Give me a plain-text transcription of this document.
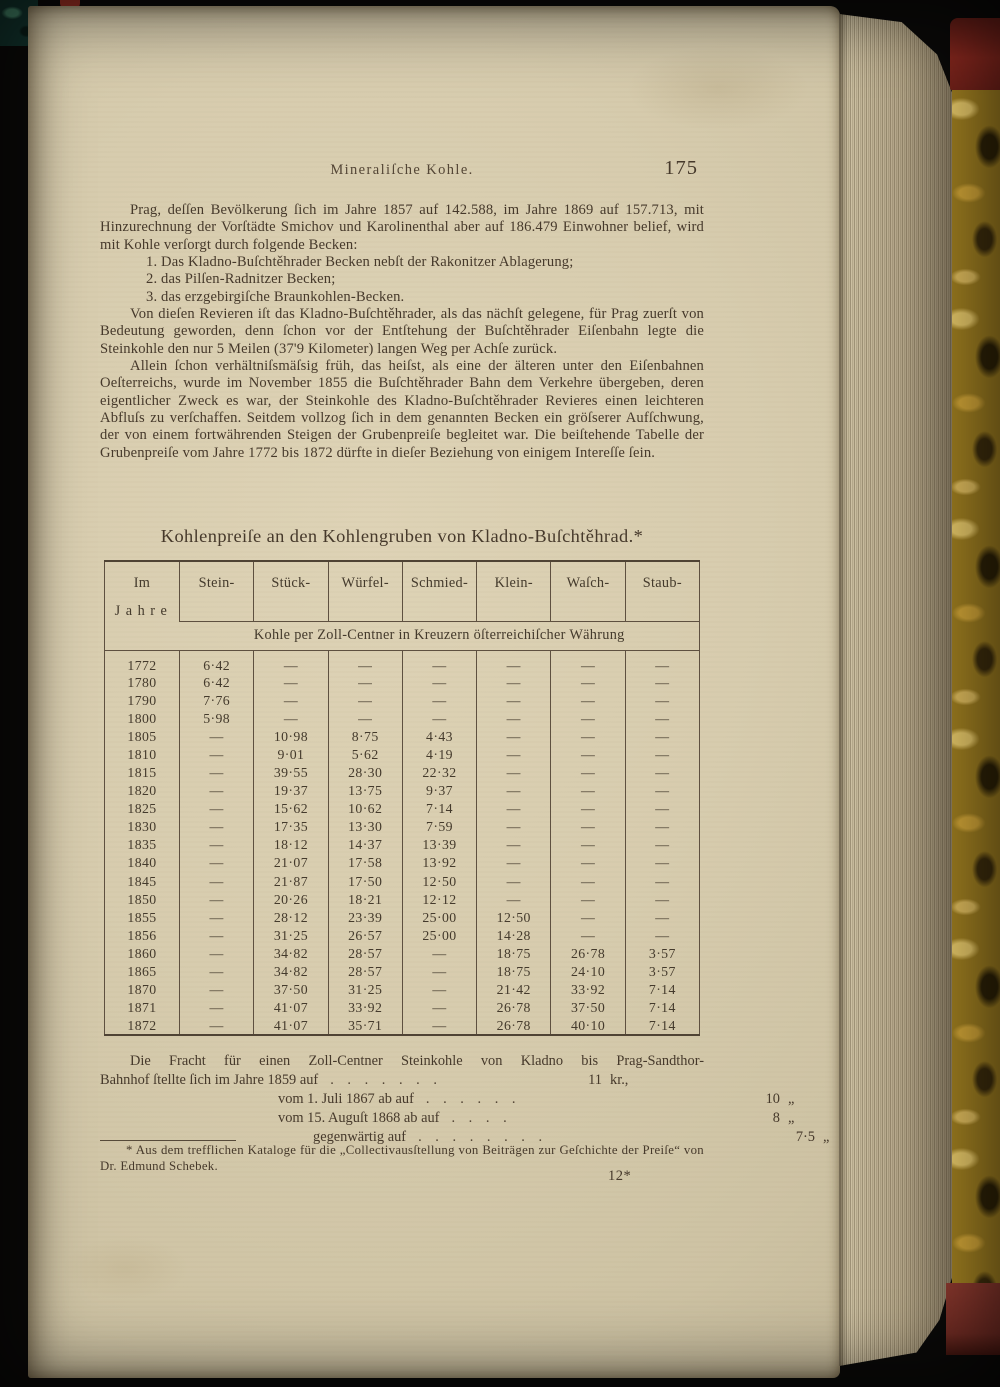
Mineraliſche Kohle.	175

Prag, deſſen Bevölkerung ſich im Jahre 1857 auf 142.588, im Jahre 1869 auf 157.713, mit Hinzurechnung der Vorſtädte Smichov und Karolinenthal aber auf 186.479 Einwohner belief, wird mit Kohle verſorgt durch folgende Becken:

1. Das Kladno-Buſchtěhrader Becken nebſt der Rakonitzer Ablagerung;
2. das Pilſen-Radnitzer Becken;
3. das erzgebirgiſche Braunkohlen-Becken.

Von dieſen Revieren iſt das Kladno-Buſchtěhrader, als das nächſt gelegene, für Prag zuerſt von Bedeutung geworden, denn ſchon vor der Entſtehung der Buſchtěhrader Eiſenbahn legte die Steinkohle den nur 5 Meilen (37'9 Kilometer) langen Weg per Achſe zurück.

Allein ſchon verhältniſsmäſsig früh, das heiſst, als eine der älteren unter den Eiſenbahnen Oeſterreichs, wurde im November 1855 die Buſchtěhrader Bahn dem Verkehre übergeben, deren eigentlicher Zweck es war, der Steinkohle des Kladno-Buſchtěhrader Revieres einen leichteren Abfluſs zu verſchaffen. Seitdem vollzog ſich in dem genannten Becken ein gröſserer Aufſchwung, der von einem fortwährenden Steigen der Grubenpreiſe begleitet war. Die beiſtehende Tabelle der Grubenpreiſe vom Jahre 1772 bis 1872 dürfte in dieſer Beziehung von einigem Intereſſe ſein.

Kohlenpreiſe an den Kohlengruben von Kladno-Buſchtěhrad.*
Im
Jahre	Stein-	Stück-	Würfel-	Schmied-	Klein-	Waſch-	Staub-
	Kohle per Zoll-Centner in Kreuzern öſterreichiſcher Währung						
1772	6·42	—	—	—	—	—	—
1780	6·42	—	—	—	—	—	—
1790	7·76	—	—	—	—	—	—
1800	5·98	—	—	—	—	—	—
1805	—	10·98	8·75	4·43	—	—	—
1810	—	9·01	5·62	4·19	—	—	—
1815	—	39·55	28·30	22·32	—	—	—
1820	—	19·37	13·75	9·37	—	—	—
1825	—	15·62	10·62	7·14	—	—	—
1830	—	17·35	13·30	7·59	—	—	—
1835	—	18·12	14·37	13·39	—	—	—
1840	—	21·07	17·58	13·92	—	—	—
1845	—	21·87	17·50	12·50	—	—	—
1850	—	20·26	18·21	12·12	—	—	—
1855	—	28·12	23·39	25·00	12·50	—	—
1856	—	31·25	26·57	25·00	14·28	—	—
1860	—	34·82	28·57	—	18·75	26·78	3·57
1865	—	34·82	28·57	—	18·75	24·10	3·57
1870	—	37·50	31·25	—	21·42	33·92	7·14
1871	—	41·07	33·92	—	26·78	37·50	7·14
1872	—	41·07	35·71	—	26·78	40·10	7·14
Die Fracht für einen Zoll-Centner Steinkohle von Kladno bis Prag-Sandthor-
Bahnhof ſtellte ſich im Jahre 1859 auf . . . . . . .	11 kr.,
vom 1. Juli 1867 ab auf . . . . . .	10 „
vom 15. Auguſt 1868 ab auf . . . .	8 „
gegenwärtig auf . . . . . . . .	7·5 „
* Aus dem trefflichen Kataloge für die „Collectivausſtellung von Beiträgen zur Geſchichte der Preiſe“ von Dr. Edmund Schebek.
12*
